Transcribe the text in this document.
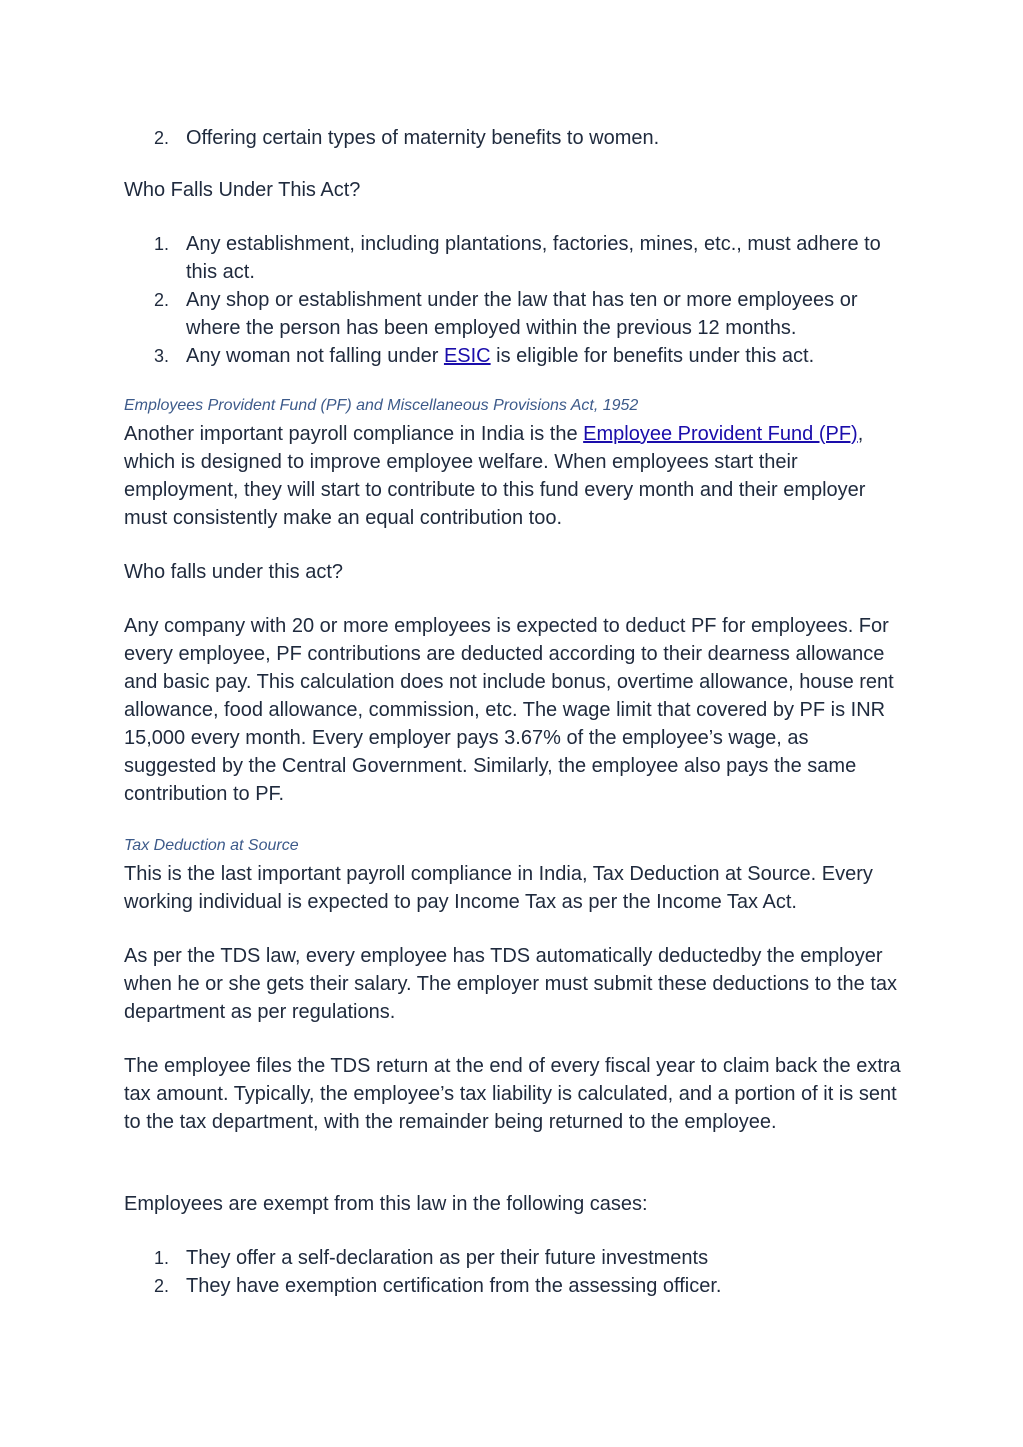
2. Offering certain types of maternity benefits to women.

Who Falls Under This Act?

1. Any establishment, including plantations, factories, mines, etc., must adhere to this act.
2. Any shop or establishment under the law that has ten or more employees or where the person has been employed within the previous 12 months.
3. Any woman not falling under ESIC is eligible for benefits under this act.
Employees Provident Fund (PF) and Miscellaneous Provisions Act, 1952

Another important payroll compliance in India is the Employee Provident Fund (PF), which is designed to improve employee welfare. When employees start their employment, they will start to contribute to this fund every month and their employer must consistently make an equal contribution too.

Who falls under this act?

Any company with 20 or more employees is expected to deduct PF for employees. For every employee, PF contributions are deducted according to their dearness allowance and basic pay. This calculation does not include bonus, overtime allowance, house rent allowance, food allowance, commission, etc. The wage limit that covered by PF is INR 15,000 every month. Every employer pays 3.67% of the employee’s wage, as suggested by the Central Government. Similarly, the employee also pays the same contribution to PF.

Tax Deduction at Source

This is the last important payroll compliance in India, Tax Deduction at Source. Every working individual is expected to pay Income Tax as per the Income Tax Act.

As per the TDS law, every employee has TDS automatically deductedby the employer when he or she gets their salary. The employer must submit these deductions to the tax department as per regulations.

The employee files the TDS return at the end of every fiscal year to claim back the extra tax amount. Typically, the employee’s tax liability is calculated, and a portion of it is sent to the tax department, with the remainder being returned to the employee.

Employees are exempt from this law in the following cases:

1. They offer a self-declaration as per their future investments
2. They have exemption certification from the assessing officer.
